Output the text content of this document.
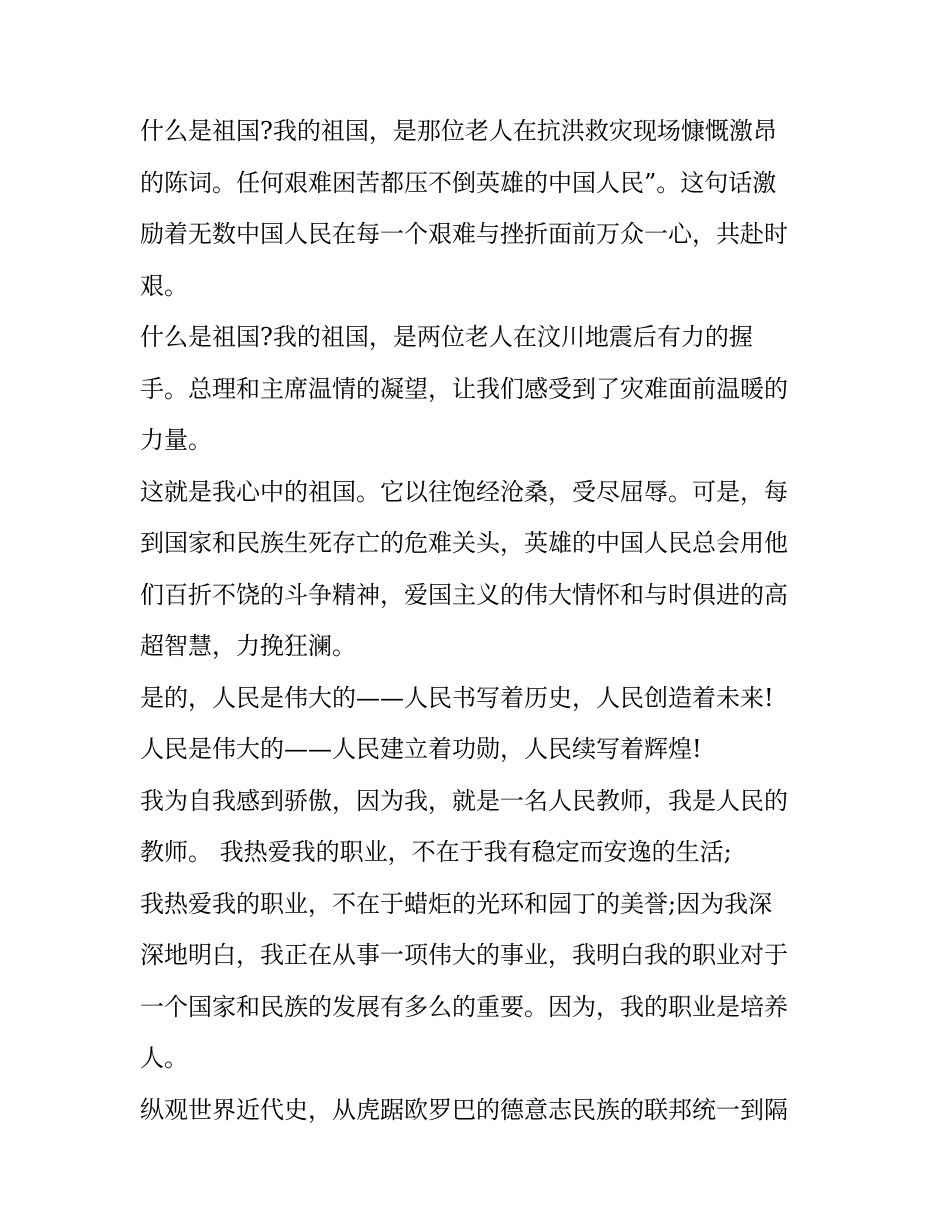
什么是祖国?我的祖国，是那位老人在抗洪救灾现场慷慨激昂
的陈词。任何艰难困苦都压不倒英雄的中国人民”。这句话激
励着无数中国人民在每一个艰难与挫折面前万众一心，共赴时
艰。
什么是祖国?我的祖国，是两位老人在汶川地震后有力的握
手。总理和主席温情的凝望，让我们感受到了灾难面前温暖的
力量。
这就是我心中的祖国。它以往饱经沧桑，受尽屈辱。可是，每
到国家和民族生死存亡的危难关头，英雄的中国人民总会用他
们百折不饶的斗争精神，爱国主义的伟大情怀和与时俱进的高
超智慧，力挽狂澜。
是的，人民是伟大的——人民书写着历史，人民创造着未来!
人民是伟大的——人民建立着功勋，人民续写着辉煌!
我为自我感到骄傲，因为我，就是一名人民教师，我是人民的
教师。 我热爱我的职业，不在于我有稳定而安逸的生活;
我热爱我的职业，不在于蜡炬的光环和园丁的美誉;因为我深
深地明白，我正在从事一项伟大的事业，我明白我的职业对于
一个国家和民族的发展有多么的重要。因为，我的职业是培养
人。
纵观世界近代史，从虎踞欧罗巴的德意志民族的联邦统一到隔
